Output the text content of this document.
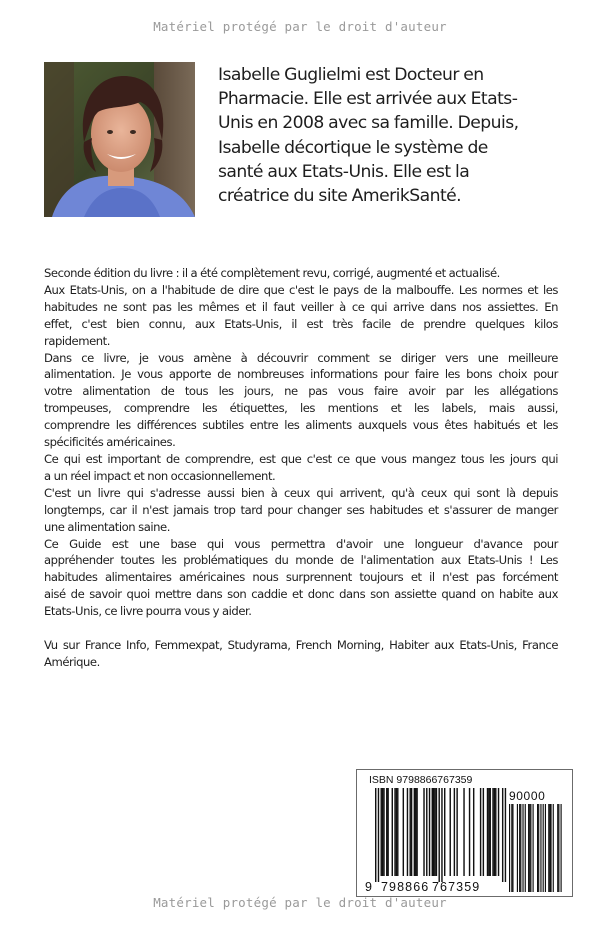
Matériel protégé par le droit d'auteur
Isabelle Guglielmi est Docteur en
Pharmacie. Elle est arrivée aux Etats-
Unis en 2008 avec sa famille. Depuis,
Isabelle décortique le système de
santé aux Etats-Unis. Elle est la
créatrice du site AmerikSanté.
Seconde édition du livre : il a été complètement revu, corrigé, augmenté et actualisé.
Aux Etats-Unis, on a l'habitude de dire que c'est le pays de la malbouffe. Les normes et les
habitudes ne sont pas les mêmes et il faut veiller à ce qui arrive dans nos assiettes. En
effet, c'est bien connu, aux Etats-Unis, il est très facile de prendre quelques kilos
rapidement.
Dans ce livre, je vous amène à découvrir comment se diriger vers une meilleure
alimentation. Je vous apporte de nombreuses informations pour faire les bons choix pour
votre alimentation de tous les jours, ne pas vous faire avoir par les allégations
trompeuses, comprendre les étiquettes, les mentions et les labels, mais aussi,
comprendre les différences subtiles entre les aliments auxquels vous êtes habitués et les
spécificités américaines.
Ce qui est important de comprendre, est que c'est ce que vous mangez tous les jours qui
a un réel impact et non occasionnellement.
C'est un livre qui s'adresse aussi bien à ceux qui arrivent, qu'à ceux qui sont là depuis
longtemps, car il n'est jamais trop tard pour changer ses habitudes et s'assurer de manger
une alimentation saine.
Ce Guide est une base qui vous permettra d'avoir une longueur d'avance pour
appréhender toutes les problématiques du monde de l'alimentation aux Etats-Unis ! Les
habitudes alimentaires américaines nous surprennent toujours et il n'est pas forcément
aisé de savoir quoi mettre dans son caddie et donc dans son assiette quand on habite aux
Etats-Unis, ce livre pourra vous y aider.
Vu sur France Info, Femmexpat, Studyrama, French Morning, Habiter aux Etats-Unis, France
Amérique.
ISBN 9798866767359
90000
9 798866 767359
Matériel protégé par le droit d'auteur
